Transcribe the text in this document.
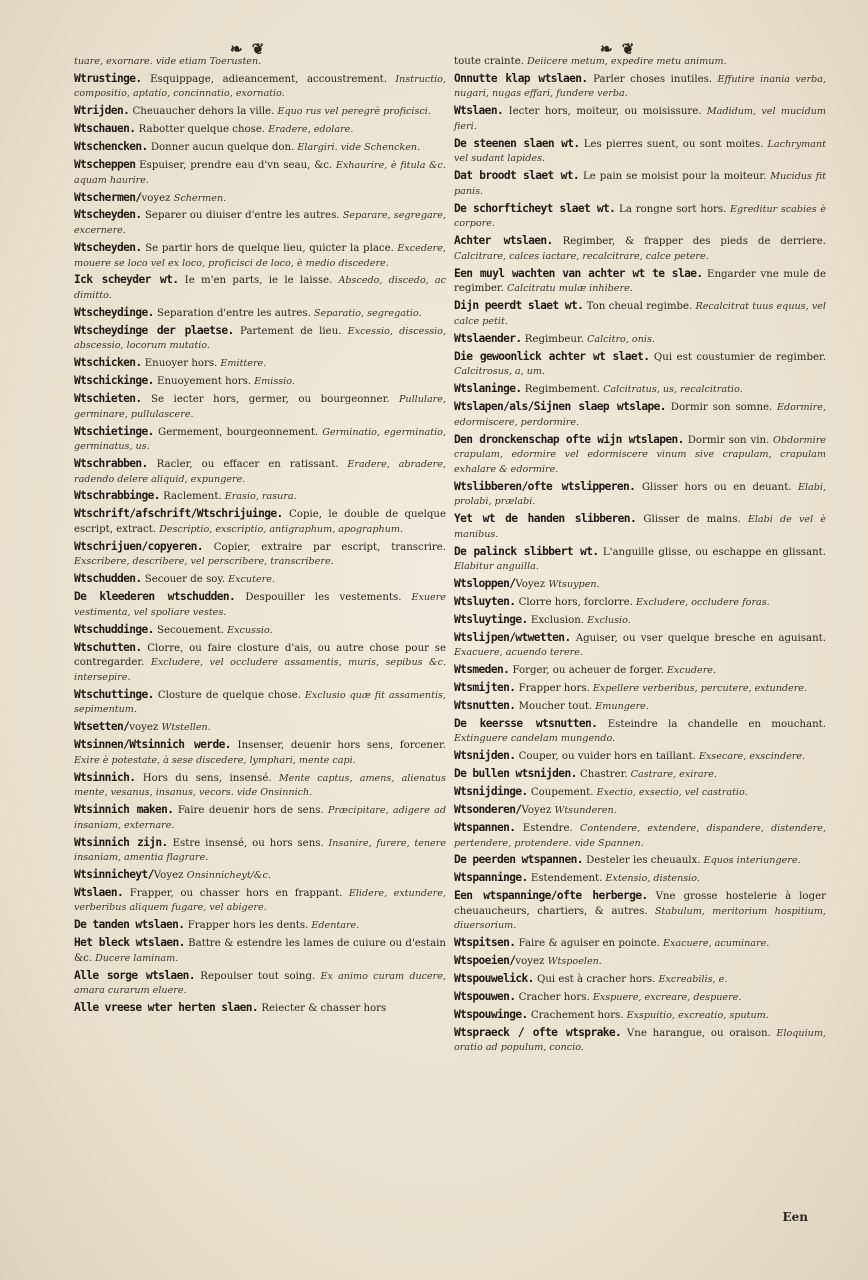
❧ ❦	❧ ❦

tuare, exornare. vide etiam Toerusten.

Wtrustinge. Esquippage, adieancement, accoustrement. Instructio, compositio, aptatio, concinnatio, exornatio.

Wtrijden. Cheuaucher dehors la ville. Equo rus vel peregrè proficisci.

Wtschauen. Rabotter quelque chose. Eradere, edolare.

Wtschencken. Donner aucun quelque don. Elargiri. vide Schencken.

Wtscheppen Espuiser, prendre eau d'vn seau, &c. Exhaurire, è fitula &c. aquam haurire.

Wtschermen/voyez Schermen.

Wtscheyden. Separer ou diuiser d'entre les autres. Separare, segregare, excernere.

Wtscheyden. Se partir hors de quelque lieu, quicter la place. Excedere, mouere se loco vel ex loco, proficisci de loco, è medio discedere.

Ick scheyder wt. Ie m'en parts, ie le laisse. Abscedo, discedo, ac dimitto.

Wtscheydinge. Separation d'entre les autres. Separatio, segregatio.

Wtscheydinge der plaetse. Partement de lieu. Excessio, discessio, abscessio, locorum mutatio.

Wtschicken. Enuoyer hors. Emittere.

Wtschickinge. Enuoyement hors. Emissio.

Wtschieten. Se iecter hors, germer, ou bourgeonner. Pullulare, germinare, pullulascere.

Wtschietinge. Germement, bourgeonnement. Germinatio, egerminatio, germinatus, us.

Wtschrabben. Racler, ou effacer en ratissant. Eradere, abradere, radendo delere aliquid, expungere.

Wtschrabbinge. Raclement. Erasio, rasura.

Wtschrift/afschrift/Wtschrijuinge. Copie, le double de quelque escript, extract. Descriptio, exscriptio, antigraphum, apographum.

Wtschrijuen/copyeren. Copier, extraire par escript, transcrire. Exscribere, describere, vel perscribere, transcribere.

Wtschudden. Secouer de soy. Excutere.

De kleederen wtschudden. Despouiller les vestements. Exuere vestimenta, vel spoliare vestes.

Wtschuddinge. Secouement. Excussio.

Wtschutten. Clorre, ou faire closture d'ais, ou autre chose pour se contregarder. Excludere, vel occludere assamentis, muris, sepibus &c. intersepire.

Wtschuttinge. Closture de quelque chose. Exclusio quæ fit assamentis, sepimentum.

Wtsetten/voyez Wtstellen.

Wtsinnen/Wtsinnich werde. Insenser, deuenir hors sens, forcener. Exire è potestate, à sese discedere, lymphari, mente capi.

Wtsinnich. Hors du sens, insensé. Mente captus, amens, alienatus mente, vesanus, insanus, vecors. vide Onsinnich.

Wtsinnich maken. Faire deuenir hors de sens. Præcipitare, adigere ad insaniam, externare.

Wtsinnich zijn. Estre insensé, ou hors sens. Insanire, furere, tenere insaniam, amentia flagrare.

Wtsinnicheyt/Voyez Onsinnicheyt/&c.

Wtslaen. Frapper, ou chasser hors en frappant. Elidere, extundere, verberibus aliquem fugare, vel abigere.

De tanden wtslaen. Frapper hors les dents. Edentare.

Het bleck wtslaen. Battre & estendre les lames de cuiure ou d'estain &c. Ducere laminam.

Alle sorge wtslaen. Repoulser tout soing. Ex animo curam ducere, amara curarum eluere.

Alle vreese wter herten slaen. Reiecter & chasser hors

toute crainte. Deiicere metum, expedire metu animum.

Onnutte klap wtslaen. Parler choses inutiles. Effutire inania verba, nugari, nugas effari, fundere verba.

Wtslaen. Iecter hors, moiteur, ou moisissure. Madidum, vel mucidum fieri.

De steenen slaen wt. Les pierres suent, ou sont moites. Lachrymant vel sudant lapides.

Dat broodt slaet wt. Le pain se moisist pour la moiteur. Mucidus fit panis.

De schorfticheyt slaet wt. La rongne sort hors. Egreditur scabies è corpore.

Achter wtslaen. Regimber, & frapper des pieds de derriere. Calcitrare, calces iactare, recalcitrare, calce petere.

Een muyl wachten van achter wt te slae. Engarder vne mule de regimber. Calcitratu mulæ inhibere.

Dijn peerdt slaet wt. Ton cheual regimbe. Recalcitrat tuus equus, vel calce petit.

Wtslaender. Regimbeur. Calcitro, onis.

Die gewoonlick achter wt slaet. Qui est coustumier de regimber. Calcitrosus, a, um.

Wtslaninge. Regimbement. Calcitratus, us, recalcitratio.

Wtslapen/als/Sijnen slaep wtslape. Dormir son somne. Edormire, edormiscere, perdormire.

Den dronckenschap ofte wijn wtslapen. Dormir son vin. Obdormire crapulam, edormire vel edormiscere vinum sive crapulam, crapulam exhalare & edormire.

Wtslibberen/ofte wtslipperen. Glisser hors ou en deuant. Elabi, prolabi, prælabi.

Yet wt de handen slibberen. Glisser de mains. Elabi de vel è manibus.

De palinck slibbert wt. L'anguille glisse, ou eschappe en glissant. Elabitur anguilla.

Wtsloppen/Voyez Wtsuypen.

Wtsluyten. Clorre hors, forclorre. Excludere, occludere foras.

Wtsluytinge. Exclusion. Exclusio.

Wtslijpen/wtwetten. Aguiser, ou vser quelque bresche en aguisant. Exacuere, acuendo terere.

Wtsmeden. Forger, ou acheuer de forger. Excudere.

Wtsmijten. Frapper hors. Expellere verberibus, percutere, extundere.

Wtsnutten. Moucher tout. Emungere.

De keersse wtsnutten. Esteindre la chandelle en mouchant. Extinguere candelam mungendo.

Wtsnijden. Couper, ou vuider hors en taillant. Exsecare, exscindere.

De bullen wtsnijden. Chastrer. Castrare, exirare.

Wtsnijdinge. Coupement. Exectio, exsectio, vel castratio.

Wtsonderen/Voyez Wtsunderen.

Wtspannen. Estendre. Contendere, extendere, dispandere, distendere, pertendere, protendere. vide Spannen.

De peerden wtspannen. Desteler les cheuaulx. Equos interiungere.

Wtspanninge. Estendement. Extensio, distensio.

Een wtspanninge/ofte herberge. Vne grosse hostelerie à loger cheuaucheurs, chartiers, & autres. Stabulum, meritorium hospitium, diuersorium.

Wtspitsen. Faire & aguiser en poincte. Exacuere, acuminare.

Wtspoeien/voyez Wtspoelen.

Wtspouwelick. Qui est à cracher hors. Excreabilis, e.

Wtspouwen. Cracher hors. Exspuere, excreare, despuere.

Wtspouwinge. Crachement hors. Exspuitio, excreatio, sputum.

Wtspraeck / ofte wtsprake. Vne harangue, ou oraison. Eloquium, oratio ad populum, concio.

Een
